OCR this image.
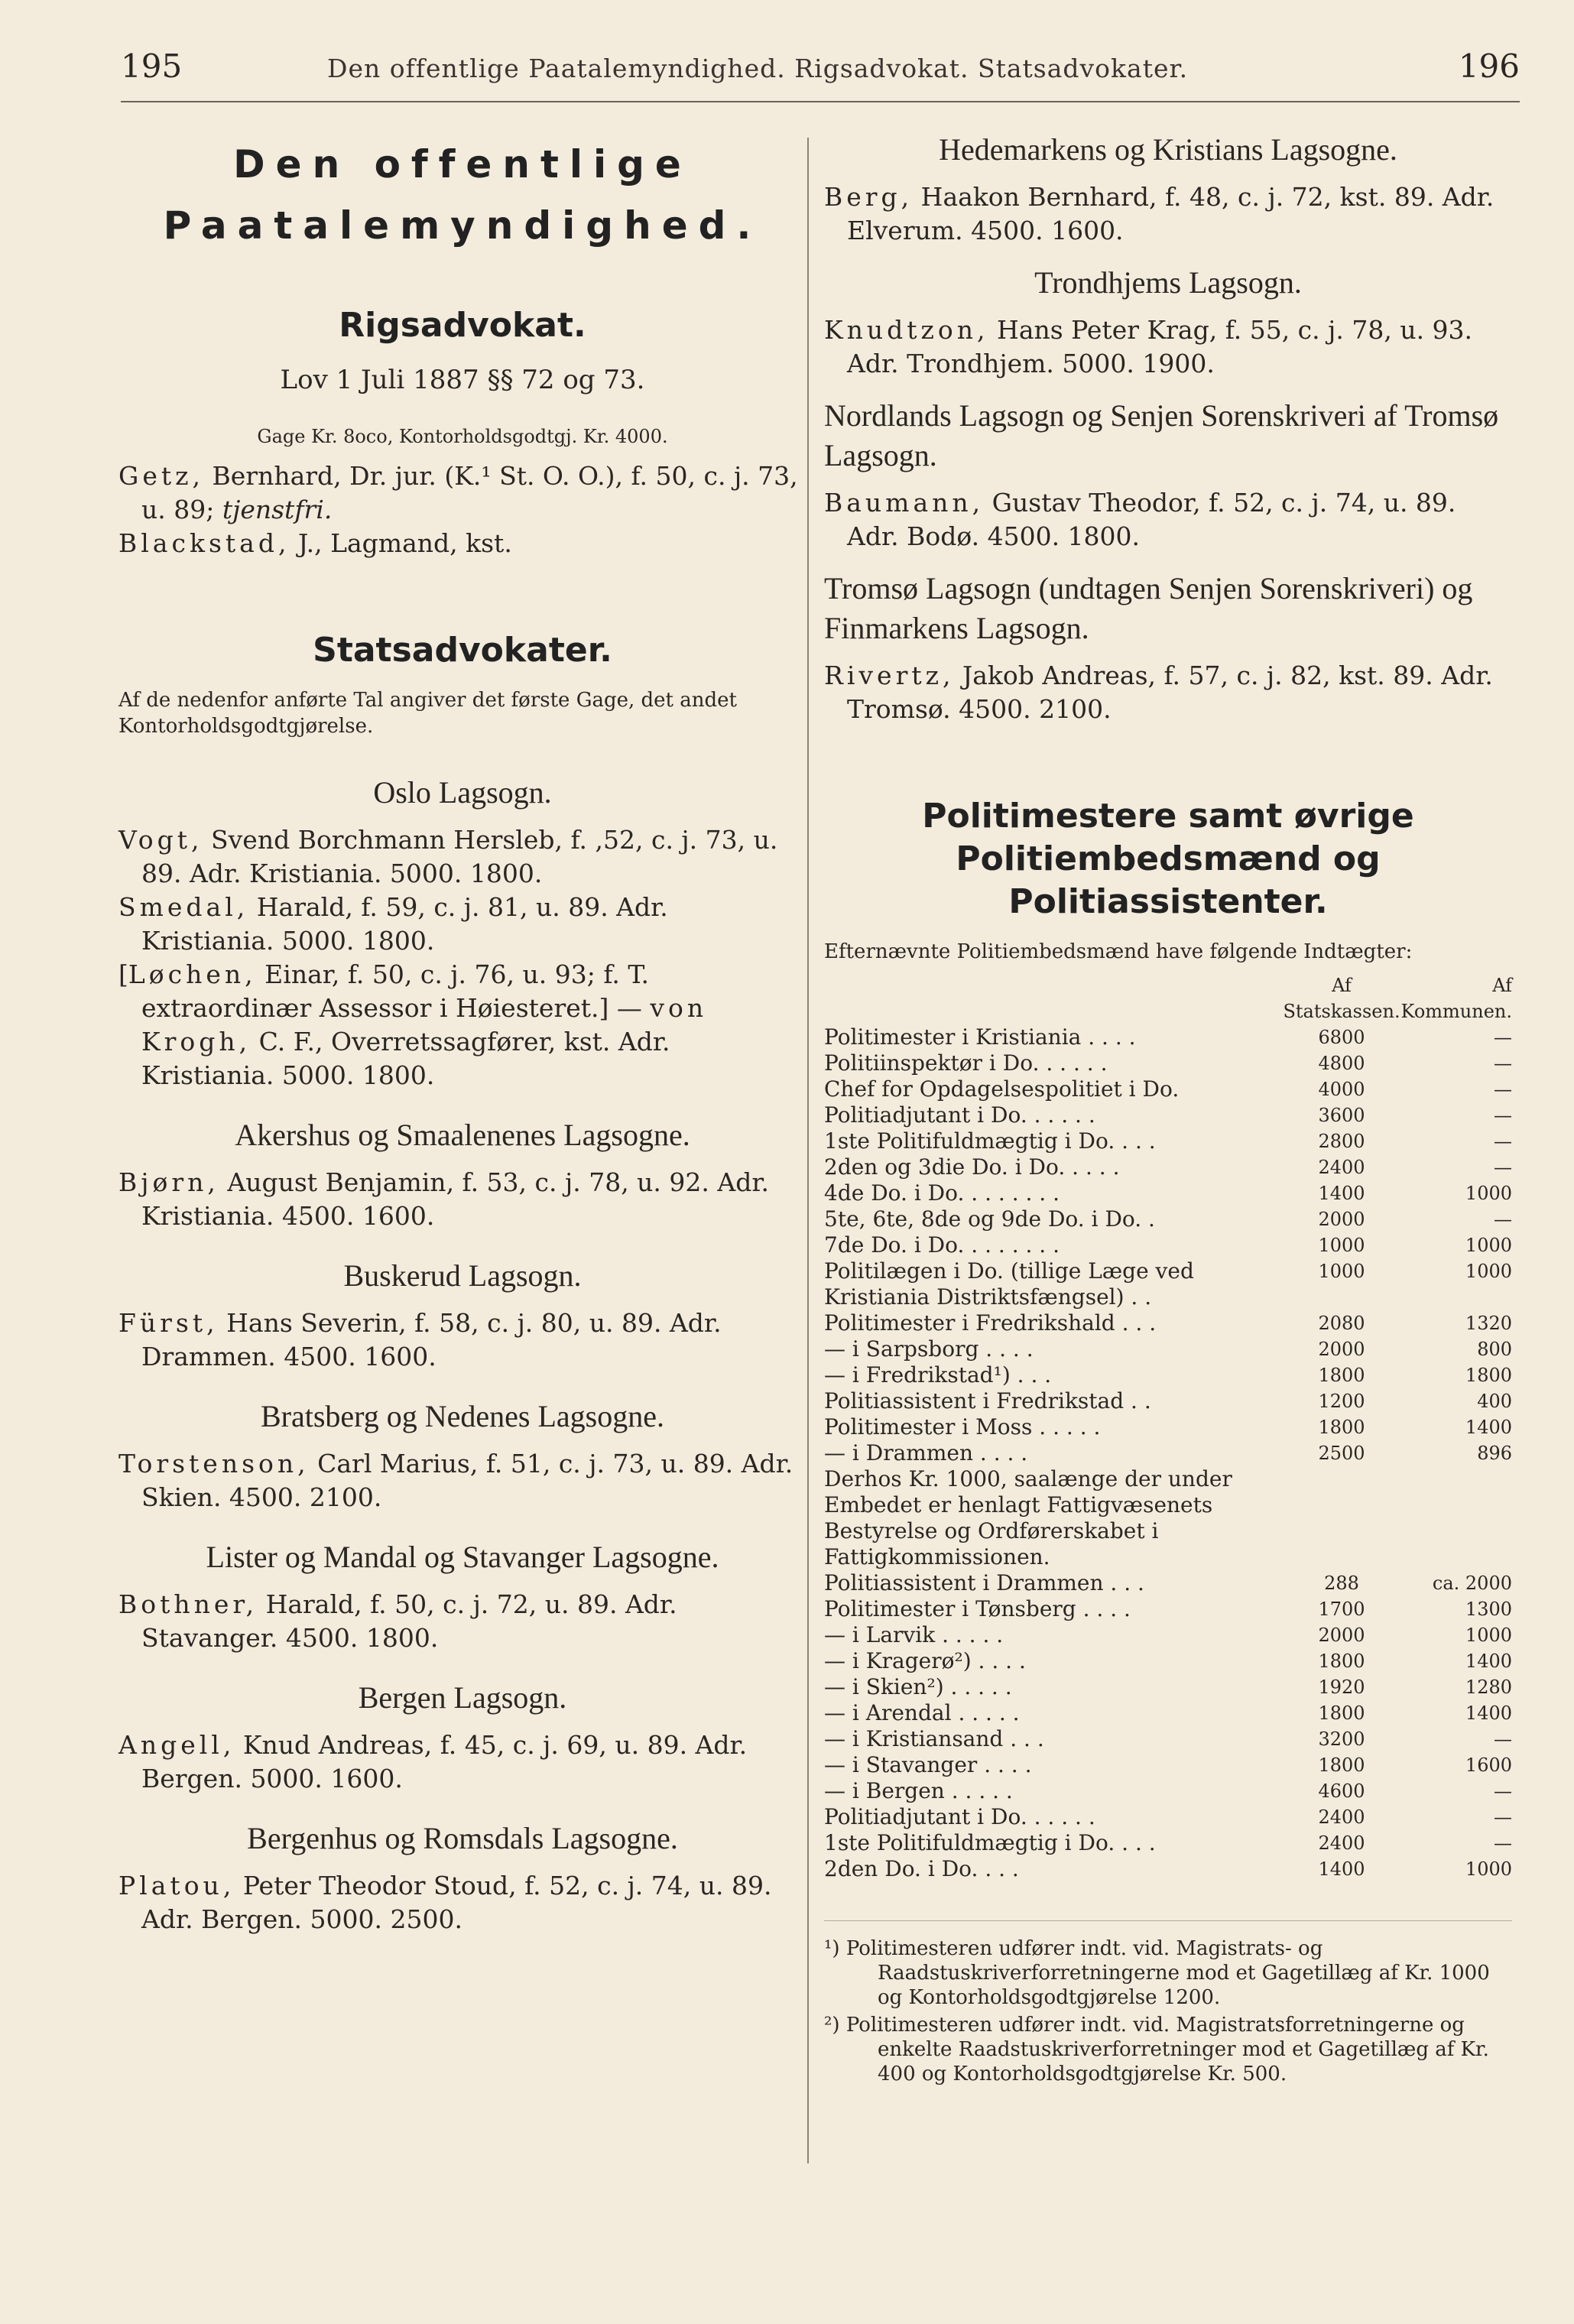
195	Den offentlige Paatalemyndighed. Rigsadvokat. Statsadvokater.	196

Den offentlige

Paatalemyndighed.

Rigsadvokat.

Lov 1 Juli 1887 §§ 72 og 73.

Gage Kr. 8oco, Kontorholdsgodtgj. Kr. 4000.

Getz, Bernhard, Dr. jur. (K.¹ St. O. O.), f. 50, c. j. 73, u. 89; tjenstfri.

Blackstad, J., Lagmand, kst.

Statsadvokater.

Af de nedenfor anførte Tal angiver det første Gage, det andet Kontorholdsgodtgjørelse.

Oslo Lagsogn.

Vogt, Svend Borchmann Hersleb, f. ,52, c. j. 73, u. 89. Adr. Kristiania. 5000. 1800.

Smedal, Harald, f. 59, c. j. 81, u. 89. Adr. Kristiania. 5000. 1800.

[Løchen, Einar, f. 50, c. j. 76, u. 93; f. T. extraordinær Assessor i Høiesteret.] — von Krogh, C. F., Overretssagfører, kst. Adr. Kristiania. 5000. 1800.

Akershus og Smaalenenes Lagsogne.

Bjørn, August Benjamin, f. 53, c. j. 78, u. 92. Adr. Kristiania. 4500. 1600.

Buskerud Lagsogn.

Fürst, Hans Severin, f. 58, c. j. 80, u. 89. Adr. Drammen. 4500. 1600.

Bratsberg og Nedenes Lagsogne.

Torstenson, Carl Marius, f. 51, c. j. 73, u. 89. Adr. Skien. 4500. 2100.

Lister og Mandal og Stavanger Lagsogne.

Bothner, Harald, f. 50, c. j. 72, u. 89. Adr. Stavanger. 4500. 1800.

Bergen Lagsogn.

Angell, Knud Andreas, f. 45, c. j. 69, u. 89. Adr. Bergen. 5000. 1600.

Bergenhus og Romsdals Lagsogne.

Platou, Peter Theodor Stoud, f. 52, c. j. 74, u. 89. Adr. Bergen. 5000. 2500.

Hedemarkens og Kristians Lagsogne.

Berg, Haakon Bernhard, f. 48, c. j. 72, kst. 89. Adr. Elverum. 4500. 1600.

Trondhjems Lagsogn.

Knudtzon, Hans Peter Krag, f. 55, c. j. 78, u. 93. Adr. Trondhjem. 5000. 1900.

Nordlands Lagsogn og Senjen Sorenskriveri af Tromsø Lagsogn.

Baumann, Gustav Theodor, f. 52, c. j. 74, u. 89. Adr. Bodø. 4500. 1800.

Tromsø Lagsogn (undtagen Senjen Sorenskriveri) og Finmarkens Lagsogn.

Rivertz, Jakob Andreas, f. 57, c. j. 82, kst. 89. Adr. Tromsø. 4500. 2100.

Politimestere samt øvrige Politiembedsmænd og Politiassistenter.

Efternævnte Politiembedsmænd have følgende Indtægter:

	Af Statskassen.	Af Kommunen.
Politimester i Kristiania . . . .	6800	—
Politiinspektør i Do. . . . . .	4800	—
Chef for Opdagelsespolitiet i Do.	4000	—
Politiadjutant i Do. . . . . .	3600	—
1ste Politifuldmægtig i Do. . . .	2800	—
2den og 3die Do. i Do. . . . .	2400	—
4de Do. i Do. . . . . . . .	1400	1000
5te, 6te, 8de og 9de Do. i Do. .	2000	—
7de Do. i Do. . . . . . . .	1000	1000
Politilægen i Do. (tillige Læge ved Kristiania Distriktsfængsel) . .	1000	1000
Politimester i Fredrikshald . . .	2080	1320
— i Sarpsborg . . . .	2000	800
— i Fredrikstad¹) . . .	1800	1800
Politiassistent i Fredrikstad . .	1200	400
Politimester i Moss . . . . .	1800	1400
— i Drammen . . . .	2500	896
Derhos Kr. 1000, saalænge der under Embedet er henlagt Fattigvæsenets Bestyrelse og Ordførerskabet i Fattigkommissionen.		
Politiassistent i Drammen . . .	288	ca. 2000
Politimester i Tønsberg . . . .	1700	1300
— i Larvik . . . . .	2000	1000
— i Kragerø²) . . . .	1800	1400
— i Skien²) . . . . .	1920	1280
— i Arendal . . . . .	1800	1400
— i Kristiansand . . .	3200	—
— i Stavanger . . . .	1800	1600
— i Bergen . . . . .	4600	—
Politiadjutant i Do. . . . . .	2400	—
1ste Politifuldmægtig i Do. . . .	2400	—
2den Do. i Do. . . .	1400	1000

¹) Politimesteren udfører indt. vid. Magistrats- og Raadstuskriverforretningerne mod et Gagetillæg af Kr. 1000 og Kontorholdsgodtgjørelse 1200.

²) Politimesteren udfører indt. vid. Magistratsforretningerne og enkelte Raadstuskriverforretninger mod et Gagetillæg af Kr. 400 og Kontorholdsgodtgjørelse Kr. 500.
